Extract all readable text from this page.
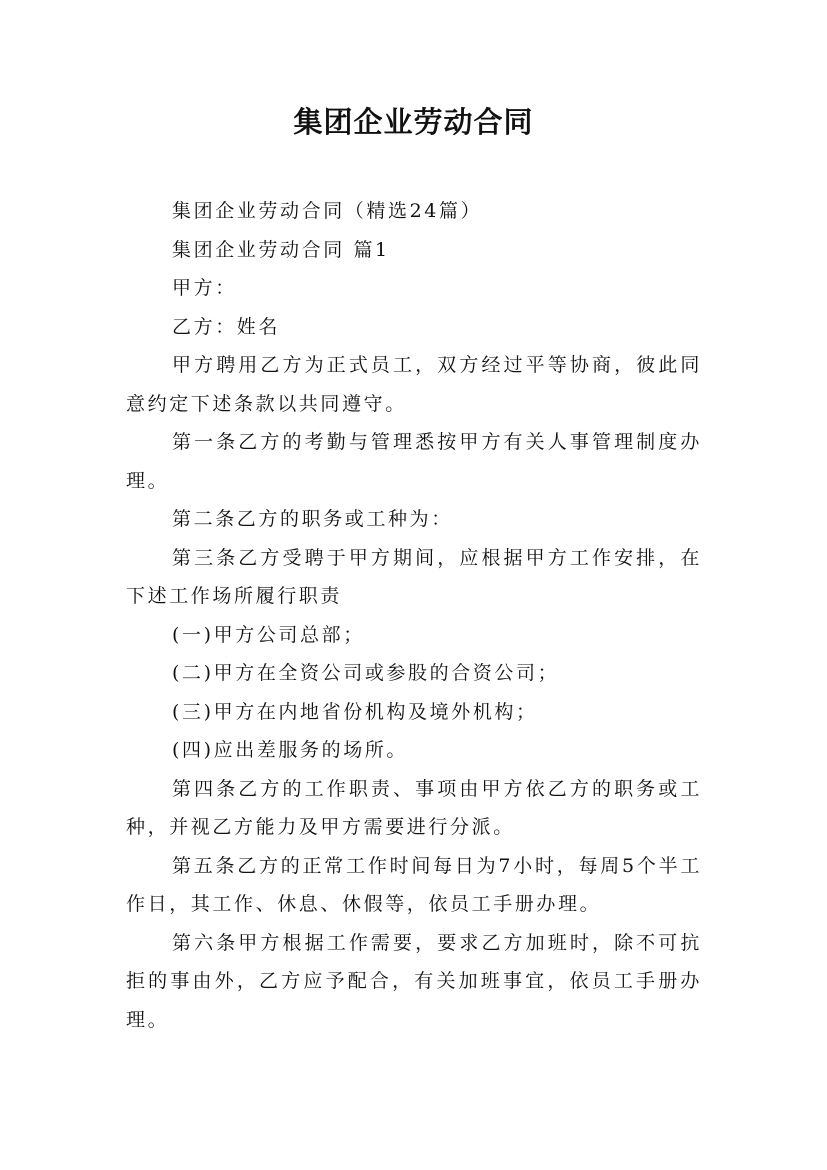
集团企业劳动合同

集团企业劳动合同（精选24篇）

集团企业劳动合同 篇1

甲方：

乙方：姓名

甲方聘用乙方为正式员工，双方经过平等协商，彼此同意约定下述条款以共同遵守。

第一条乙方的考勤与管理悉按甲方有关人事管理制度办理。

第二条乙方的职务或工种为：

第三条乙方受聘于甲方期间，应根据甲方工作安排，在下述工作场所履行职责

(一)甲方公司总部；

(二)甲方在全资公司或参股的合资公司；

(三)甲方在内地省份机构及境外机构；

(四)应出差服务的场所。

第四条乙方的工作职责、事项由甲方依乙方的职务或工种，并视乙方能力及甲方需要进行分派。

第五条乙方的正常工作时间每日为7小时，每周5个半工作日，其工作、休息、休假等，依员工手册办理。

第六条甲方根据工作需要，要求乙方加班时，除不可抗拒的事由外，乙方应予配合，有关加班事宜，依员工手册办理。
